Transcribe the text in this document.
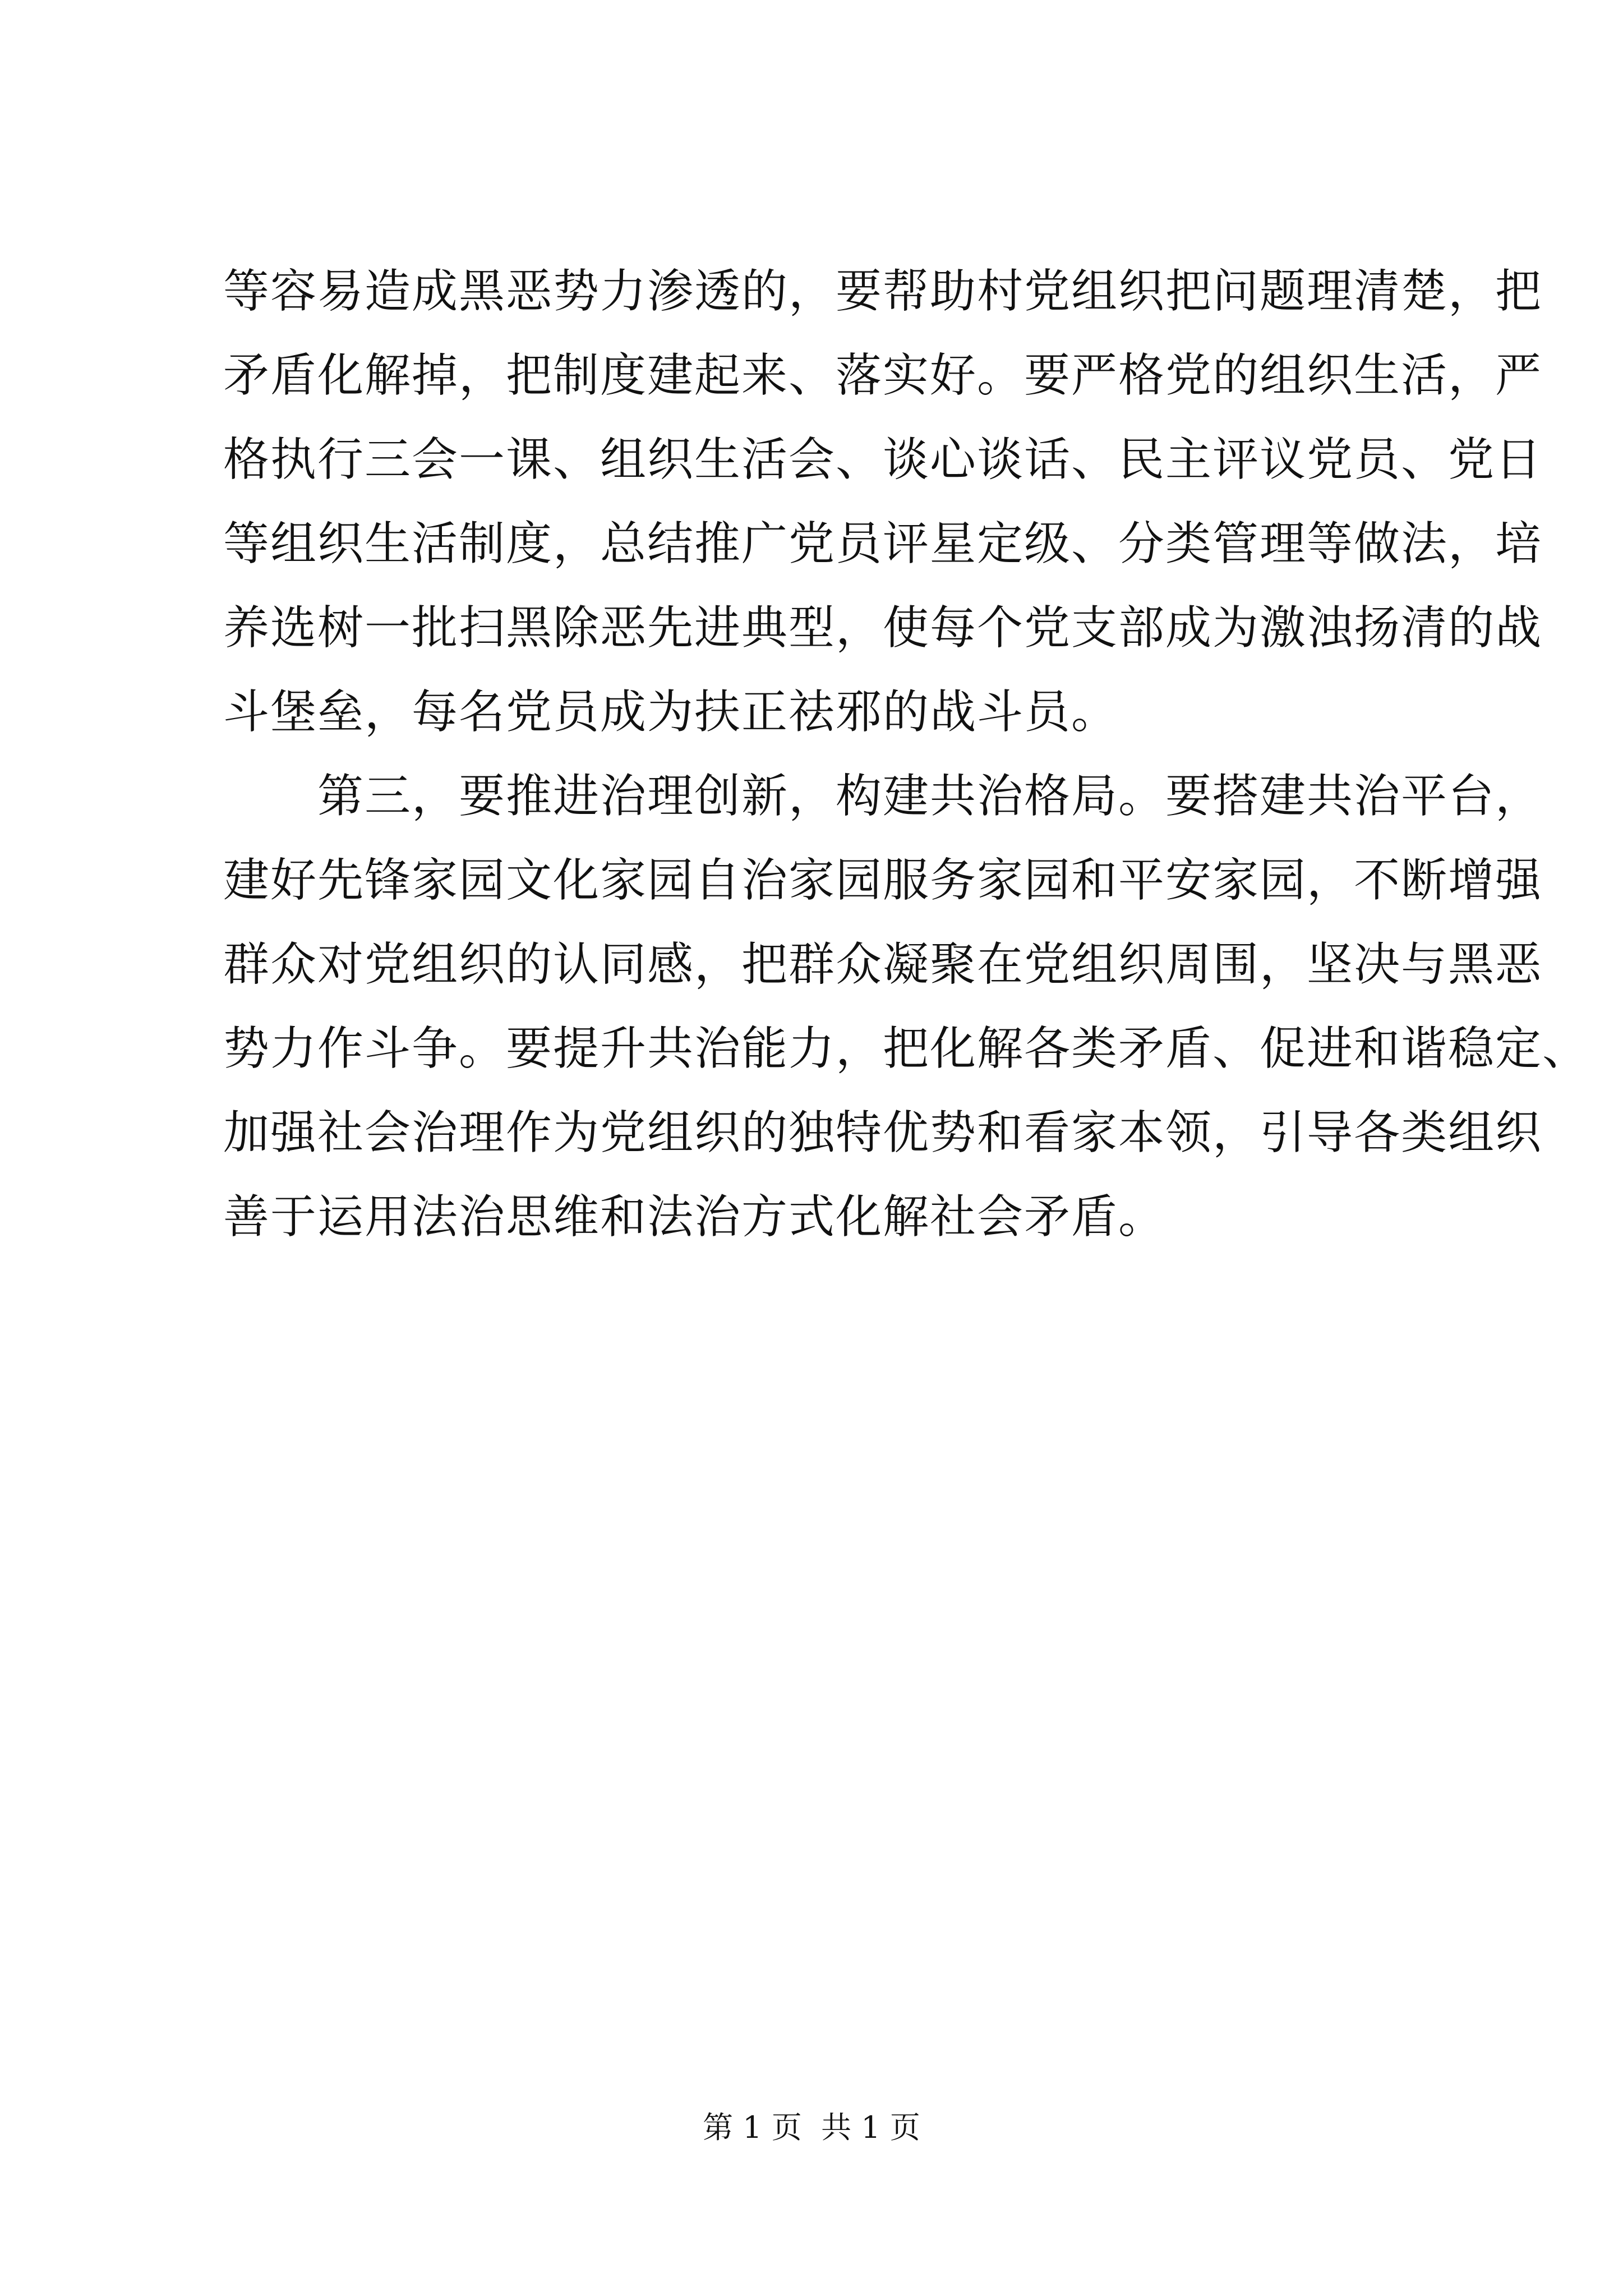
等容易造成黑恶势力渗透的，要帮助村党组织把问题理清楚，把
矛盾化解掉，把制度建起来、落实好。要严格党的组织生活，严
格执行三会一课、组织生活会、谈心谈话、民主评议党员、党日
等组织生活制度，总结推广党员评星定级、分类管理等做法，培
养选树一批扫黑除恶先进典型，使每个党支部成为激浊扬清的战
斗堡垒，每名党员成为扶正祛邪的战斗员。
　　第三，要推进治理创新，构建共治格局。要搭建共治平台，
建好先锋家园文化家园自治家园服务家园和平安家园，不断增强
群众对党组织的认同感，把群众凝聚在党组织周围，坚决与黑恶
势力作斗争。要提升共治能力，把化解各类矛盾、促进和谐稳定、
加强社会治理作为党组织的独特优势和看家本领，引导各类组织
善于运用法治思维和法治方式化解社会矛盾。
第 1 页  共 1 页
